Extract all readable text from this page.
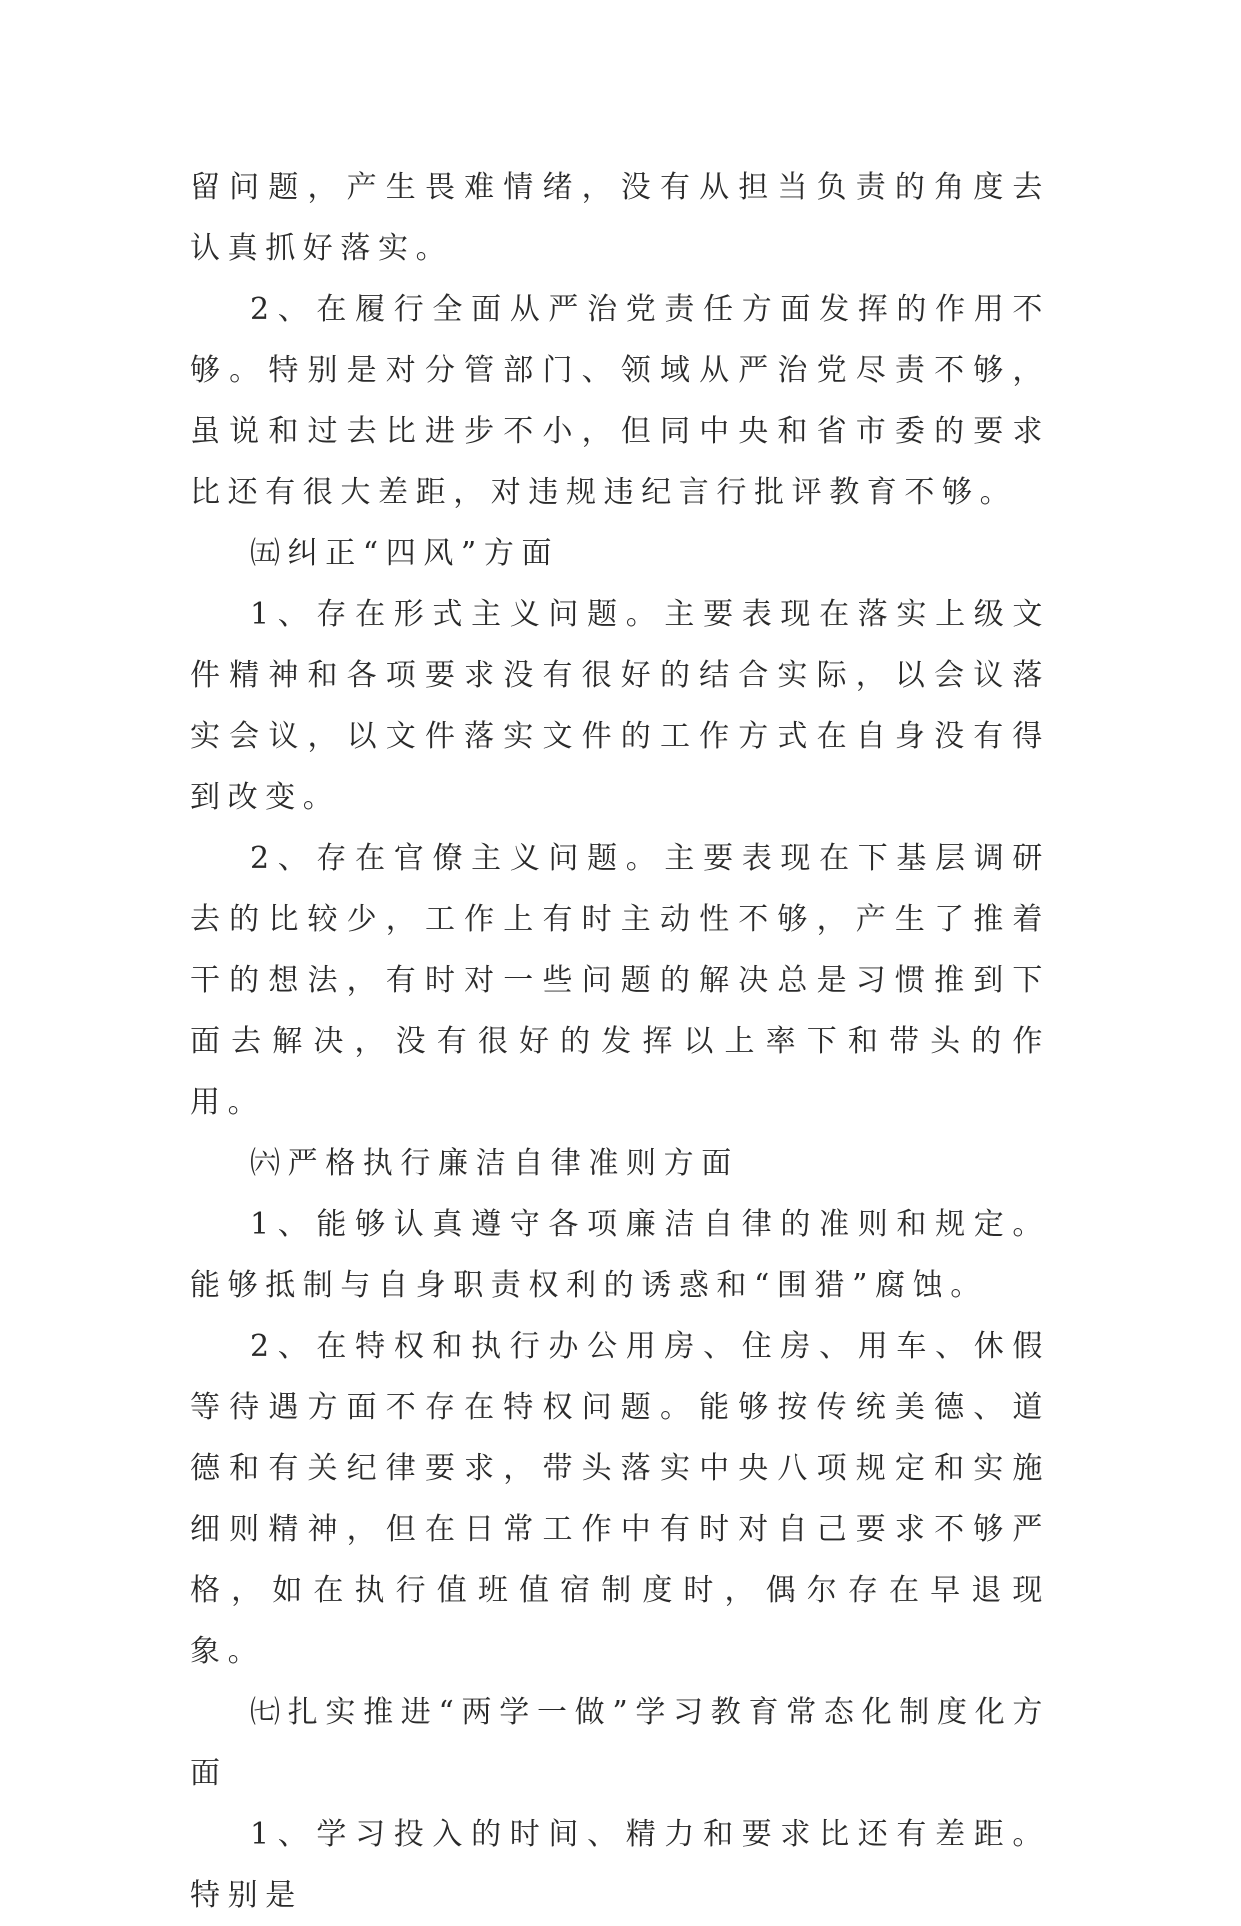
留问题，产生畏难情绪，没有从担当负责的角度去认真抓好落实。

2、在履行全面从严治党责任方面发挥的作用不够。特别是对分管部门、领域从严治党尽责不够，虽说和过去比进步不小，但同中央和省市委的要求比还有很大差距，对违规违纪言行批评教育不够。

㈤纠正“四风”方面

1、存在形式主义问题。主要表现在落实上级文件精神和各项要求没有很好的结合实际，以会议落实会议，以文件落实文件的工作方式在自身没有得到改变。

2、存在官僚主义问题。主要表现在下基层调研去的比较少，工作上有时主动性不够，产生了推着干的想法，有时对一些问题的解决总是习惯推到下面去解决，没有很好的发挥以上率下和带头的作用。

㈥严格执行廉洁自律准则方面

1、能够认真遵守各项廉洁自律的准则和规定。能够抵制与自身职责权利的诱惑和“围猎”腐蚀。

2、在特权和执行办公用房、住房、用车、休假等待遇方面不存在特权问题。能够按传统美德、道德和有关纪律要求，带头落实中央八项规定和实施细则精神，但在日常工作中有时对自己要求不够严格，如在执行值班值宿制度时，偶尔存在早退现象。

㈦扎实推进“两学一做”学习教育常态化制度化方面

1、学习投入的时间、精力和要求比还有差距。特别是
